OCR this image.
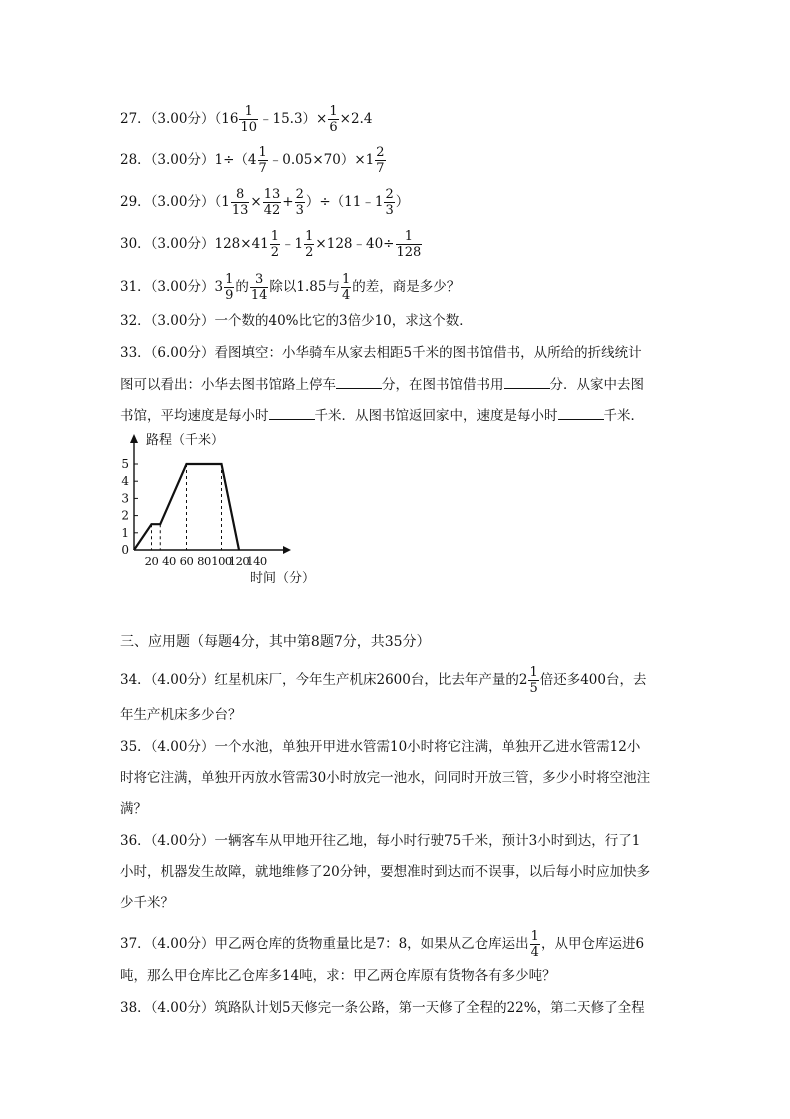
27．（3.00分）（$16 \frac{1}{10}$ ﹣15.3）× $\frac{1}{6} \times 2.4$
28．（3.00分）$1\div(4 \frac{1}{7}$ ﹣0.05×70）×1 $\frac{2}{7}$
29．（3.00分）（$1 \frac{8}{13} \times \frac{13}{42} + \frac{2}{3}$ ）÷（11﹣1 $\frac{2}{3}$ ）
30．（3.00分）$128\times 41 \frac{1}{2}$ ﹣1 $\frac{1}{2}$ ×128﹣40÷ $\frac{1}{128}$
31．（3.00分）$3 \frac{1}{9}$ 的 $\frac{3}{14}$ 除以1.85与 $\frac{1}{4}$ 的差，商是多少？
32．（3.00分）一个数的40%比它的3倍少10，求这个数．
33．（6.00分）看图填空：小华骑车从家去相距5千米的图书馆借书，从所给的折线统计
图可以看出：小华去图书馆路上停车	分，在图书馆借书用	分．从家中去图
书馆，平均速度是每小时	千米．从图书馆返回家中，速度是每小时	千米．
1
2
3
4
5
0
20 40 60 80 100
120
140
路程（千米）
时间（分）
三、应用题（每题4分，其中第8题7分，共35分）
34．（4.00分）红星机床厂，今年生产机床2600台，比去年产量的$2 \frac{1}{5}$ 倍还多400台，去
年生产机床多少台？
35．（4.00分）一个水池，单独开甲进水管需10小时将它注满，单独开乙进水管需12小
时将它注满，单独开丙放水管需30小时放完一池水，问同时开放三管，多少小时将空池注
满？
36．（4.00分）一辆客车从甲地开往乙地，每小时行驶75千米，预计3小时到达，行了1
小时，机器发生故障，就地维修了20分钟，要想准时到达而不误事，以后每小时应加快多
少千米？
37．（4.00分）甲乙两仓库的货物重量比是7：8，如果从乙仓库运出 $\frac{1}{4}$ ，从甲仓库运进6
吨，那么甲仓库比乙仓库多14吨，求：甲乙两仓库原有货物各有多少吨？
38．（4.00分）筑路队计划5天修完一条公路，第一天修了全程的22%，第二天修了全程
